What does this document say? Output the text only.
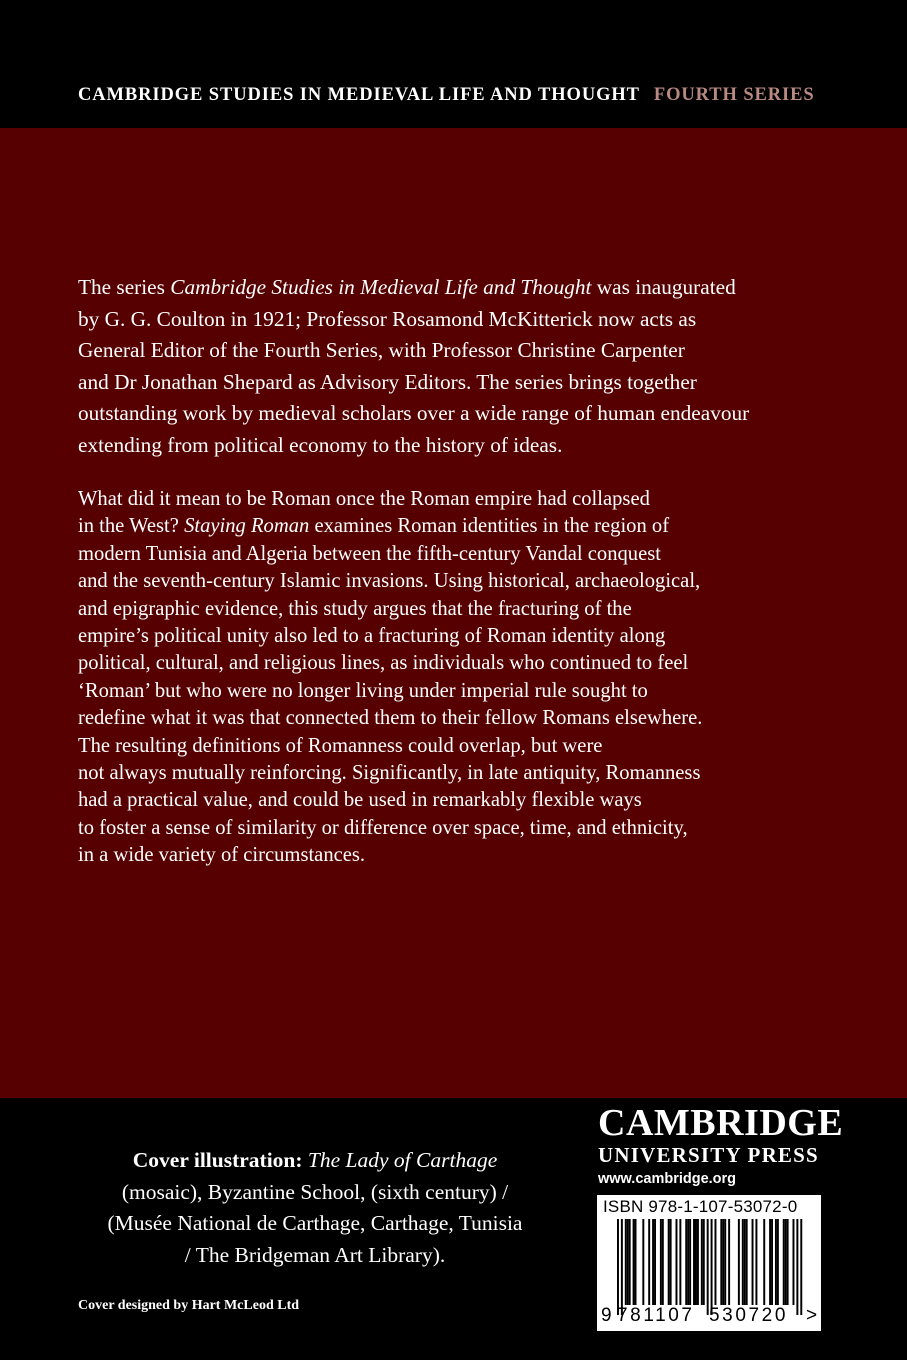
CAMBRIDGE STUDIES IN MEDIEVAL LIFE AND THOUGHT FOURTH SERIES

The series Cambridge Studies in Medieval Life and Thought was inaugurated
by G. G. Coulton in 1921; Professor Rosamond McKitterick now acts as
General Editor of the Fourth Series, with Professor Christine Carpenter
and Dr Jonathan Shepard as Advisory Editors. The series brings together
outstanding work by medieval scholars over a wide range of human endeavour
extending from political economy to the history of ideas.

What did it mean to be Roman once the Roman empire had collapsed
in the West? Staying Roman examines Roman identities in the region of
modern Tunisia and Algeria between the fifth-century Vandal conquest
and the seventh-century Islamic invasions. Using historical, archaeological,
and epigraphic evidence, this study argues that the fracturing of the
empire’s political unity also led to a fracturing of Roman identity along
political, cultural, and religious lines, as individuals who continued to feel
‘Roman’ but who were no longer living under imperial rule sought to
redefine what it was that connected them to their fellow Romans elsewhere.
The resulting definitions of Romanness could overlap, but were
not always mutually reinforcing. Significantly, in late antiquity, Romanness
had a practical value, and could be used in remarkably flexible ways
to foster a sense of similarity or difference over space, time, and ethnicity,
in a wide variety of circumstances.

Cover illustration: The Lady of Carthage
(mosaic), Byzantine School, (sixth century) /
(Musée National de Carthage, Carthage, Tunisia
/ The Bridgeman Art Library).
Cover designed by Hart McLeod Ltd
CAMBRIDGE
UNIVERSITY PRESS
www.cambridge.org
ISBN 978-1-107-53072-0
9 781107 530720 >
